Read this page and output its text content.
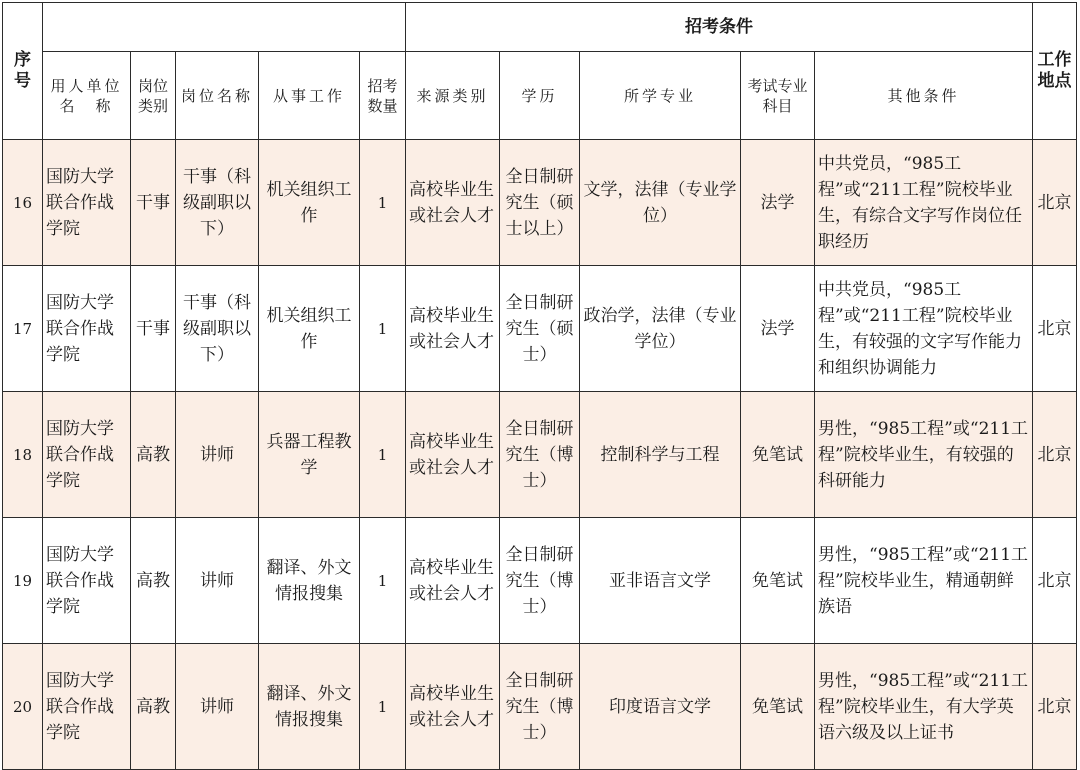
序号						招考条件					工作地点
	用人单位名　称	岗位类别	岗位名称	从事工作	招考数量	来源类别	学历	所学专业	考试专业科目	其他条件	
16	国防大学联合作战学院	干事	干事（科级副职以下）	机关组织工作	1	高校毕业生或社会人才	全日制研究生（硕士以上）	文学，法律（专业学位）	法学	中共党员，“985工程”或“211工程”院校毕业生，有综合文字写作岗位任职经历	北京
17	国防大学联合作战学院	干事	干事（科级副职以下）	机关组织工作	1	高校毕业生或社会人才	全日制研究生（硕士）	政治学，法律（专业学位）	法学	中共党员，“985工程”或“211工程”院校毕业生，有较强的文字写作能力和组织协调能力	北京
18	国防大学联合作战学院	高教	讲师	兵器工程教学	1	高校毕业生或社会人才	全日制研究生（博士）	控制科学与工程	免笔试	男性，“985工程”或“211工程”院校毕业生，有较强的科研能力	北京
19	国防大学联合作战学院	高教	讲师	翻译、外文情报搜集	1	高校毕业生或社会人才	全日制研究生（博士）	亚非语言文学	免笔试	男性，“985工程”或“211工程”院校毕业生，精通朝鲜族语	北京
20	国防大学联合作战学院	高教	讲师	翻译、外文情报搜集	1	高校毕业生或社会人才	全日制研究生（博士）	印度语言文学	免笔试	男性，“985工程”或“211工程”院校毕业生，有大学英语六级及以上证书	北京
